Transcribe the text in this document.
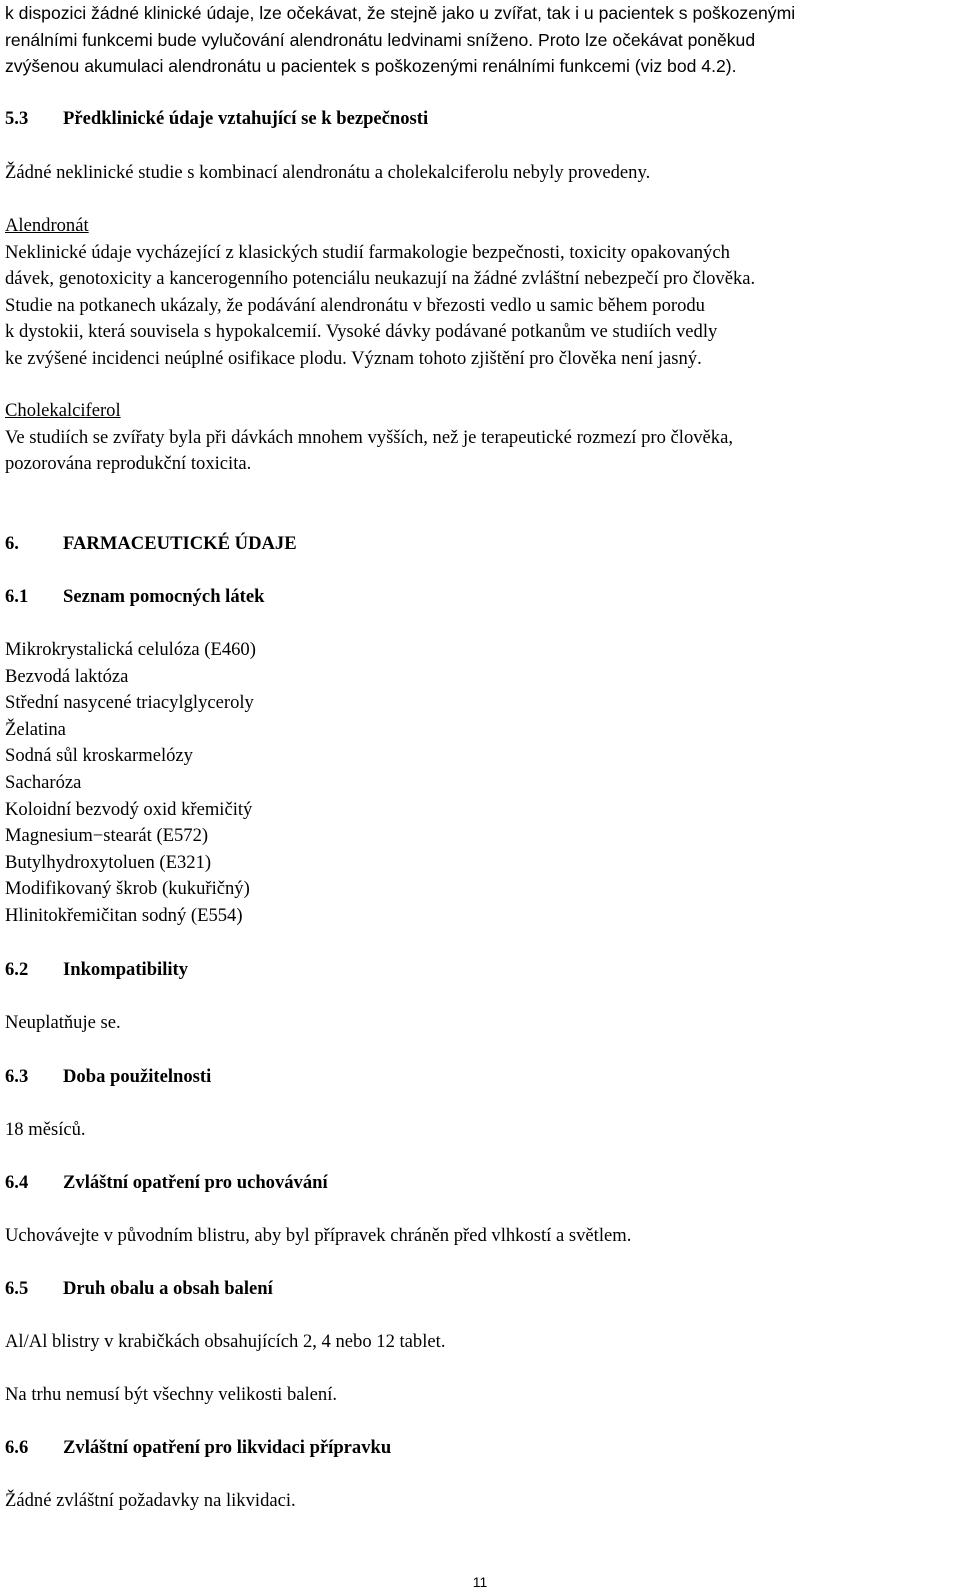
k dispozici žádné klinické údaje, lze očekávat, že stejně jako u zvířat, tak i u pacientek s poškozenými
renálními funkcemi bude vylučování alendronátu ledvinami sníženo. Proto lze očekávat poněkud
zvýšenou akumulaci alendronátu u pacientek s poškozenými renálními funkcemi (viz bod 4.2).
5.3 Předklinické údaje vztahující se k bezpečnosti
Žádné neklinické studie s kombinací alendronátu a cholekalciferolu nebyly provedeny.
Alendronát
Neklinické údaje vycházející z klasických studií farmakologie bezpečnosti, toxicity opakovaných
dávek, genotoxicity a kancerogenního potenciálu neukazují na žádné zvláštní nebezpečí pro člověka.
Studie na potkanech ukázaly, že podávání alendronátu v březosti vedlo u samic během porodu
k dystokii, která souvisela s hypokalcemií. Vysoké dávky podávané potkanům ve studiích vedly
ke zvýšené incidenci neúplné osifikace plodu. Význam tohoto zjištění pro člověka není jasný.
Cholekalciferol
Ve studiích se zvířaty byla při dávkách mnohem vyšších, než je terapeutické rozmezí pro člověka,
pozorována reprodukční toxicita.
6. FARMACEUTICKÉ ÚDAJE
6.1 Seznam pomocných látek
Mikrokrystalická celulóza (E460)
Bezvodá laktóza
Střední nasycené triacylglyceroly
Želatina
Sodná sůl kroskarmelózy
Sacharóza
Koloidní bezvodý oxid křemičitý
Magnesium−stearát (E572)
Butylhydroxytoluen (E321)
Modifikovaný škrob (kukuřičný)
Hlinitokřemičitan sodný (E554)
6.2 Inkompatibility
Neuplatňuje se.
6.3 Doba použitelnosti
18 měsíců.
6.4 Zvláštní opatření pro uchovávání
Uchovávejte v původním blistru, aby byl přípravek chráněn před vlhkostí a světlem.
6.5 Druh obalu a obsah balení
Al/Al blistry v krabičkách obsahujících 2, 4 nebo 12 tablet.
Na trhu nemusí být všechny velikosti balení.
6.6 Zvláštní opatření pro likvidaci přípravku
Žádné zvláštní požadavky na likvidaci.
11
